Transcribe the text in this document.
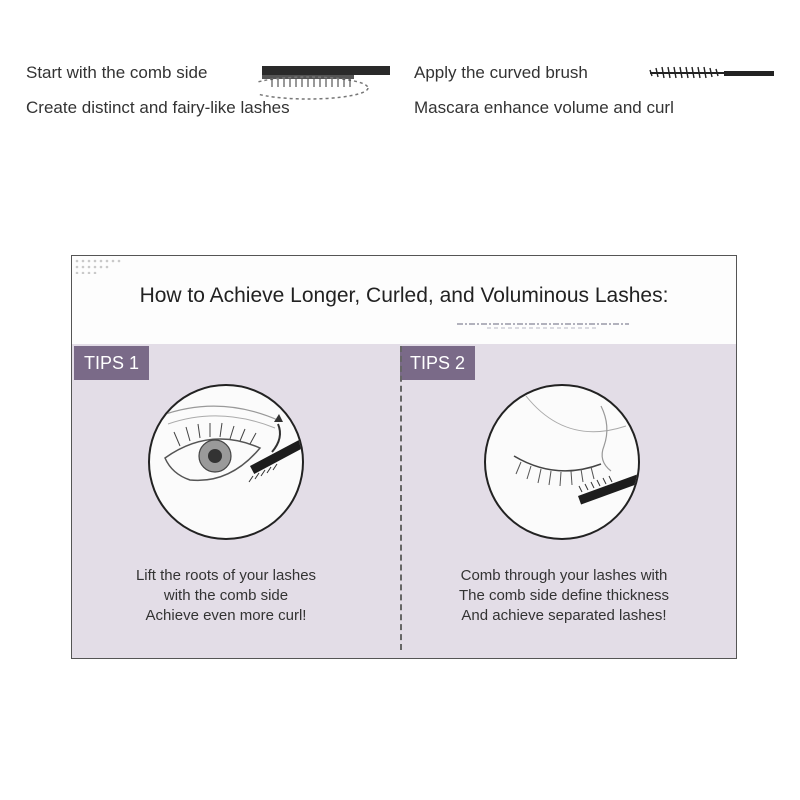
Start with the comb side
Create distinct and fairy-like lashes
Apply the curved brush
Mascara enhance volume and curl
How to Achieve Longer, Curled, and Voluminous Lashes:
TIPS 1	TIPS 2
Lift the roots of your lashes
with the comb side
Achieve even more curl!
Comb through your lashes with
The comb side define thickness
And achieve separated lashes!
